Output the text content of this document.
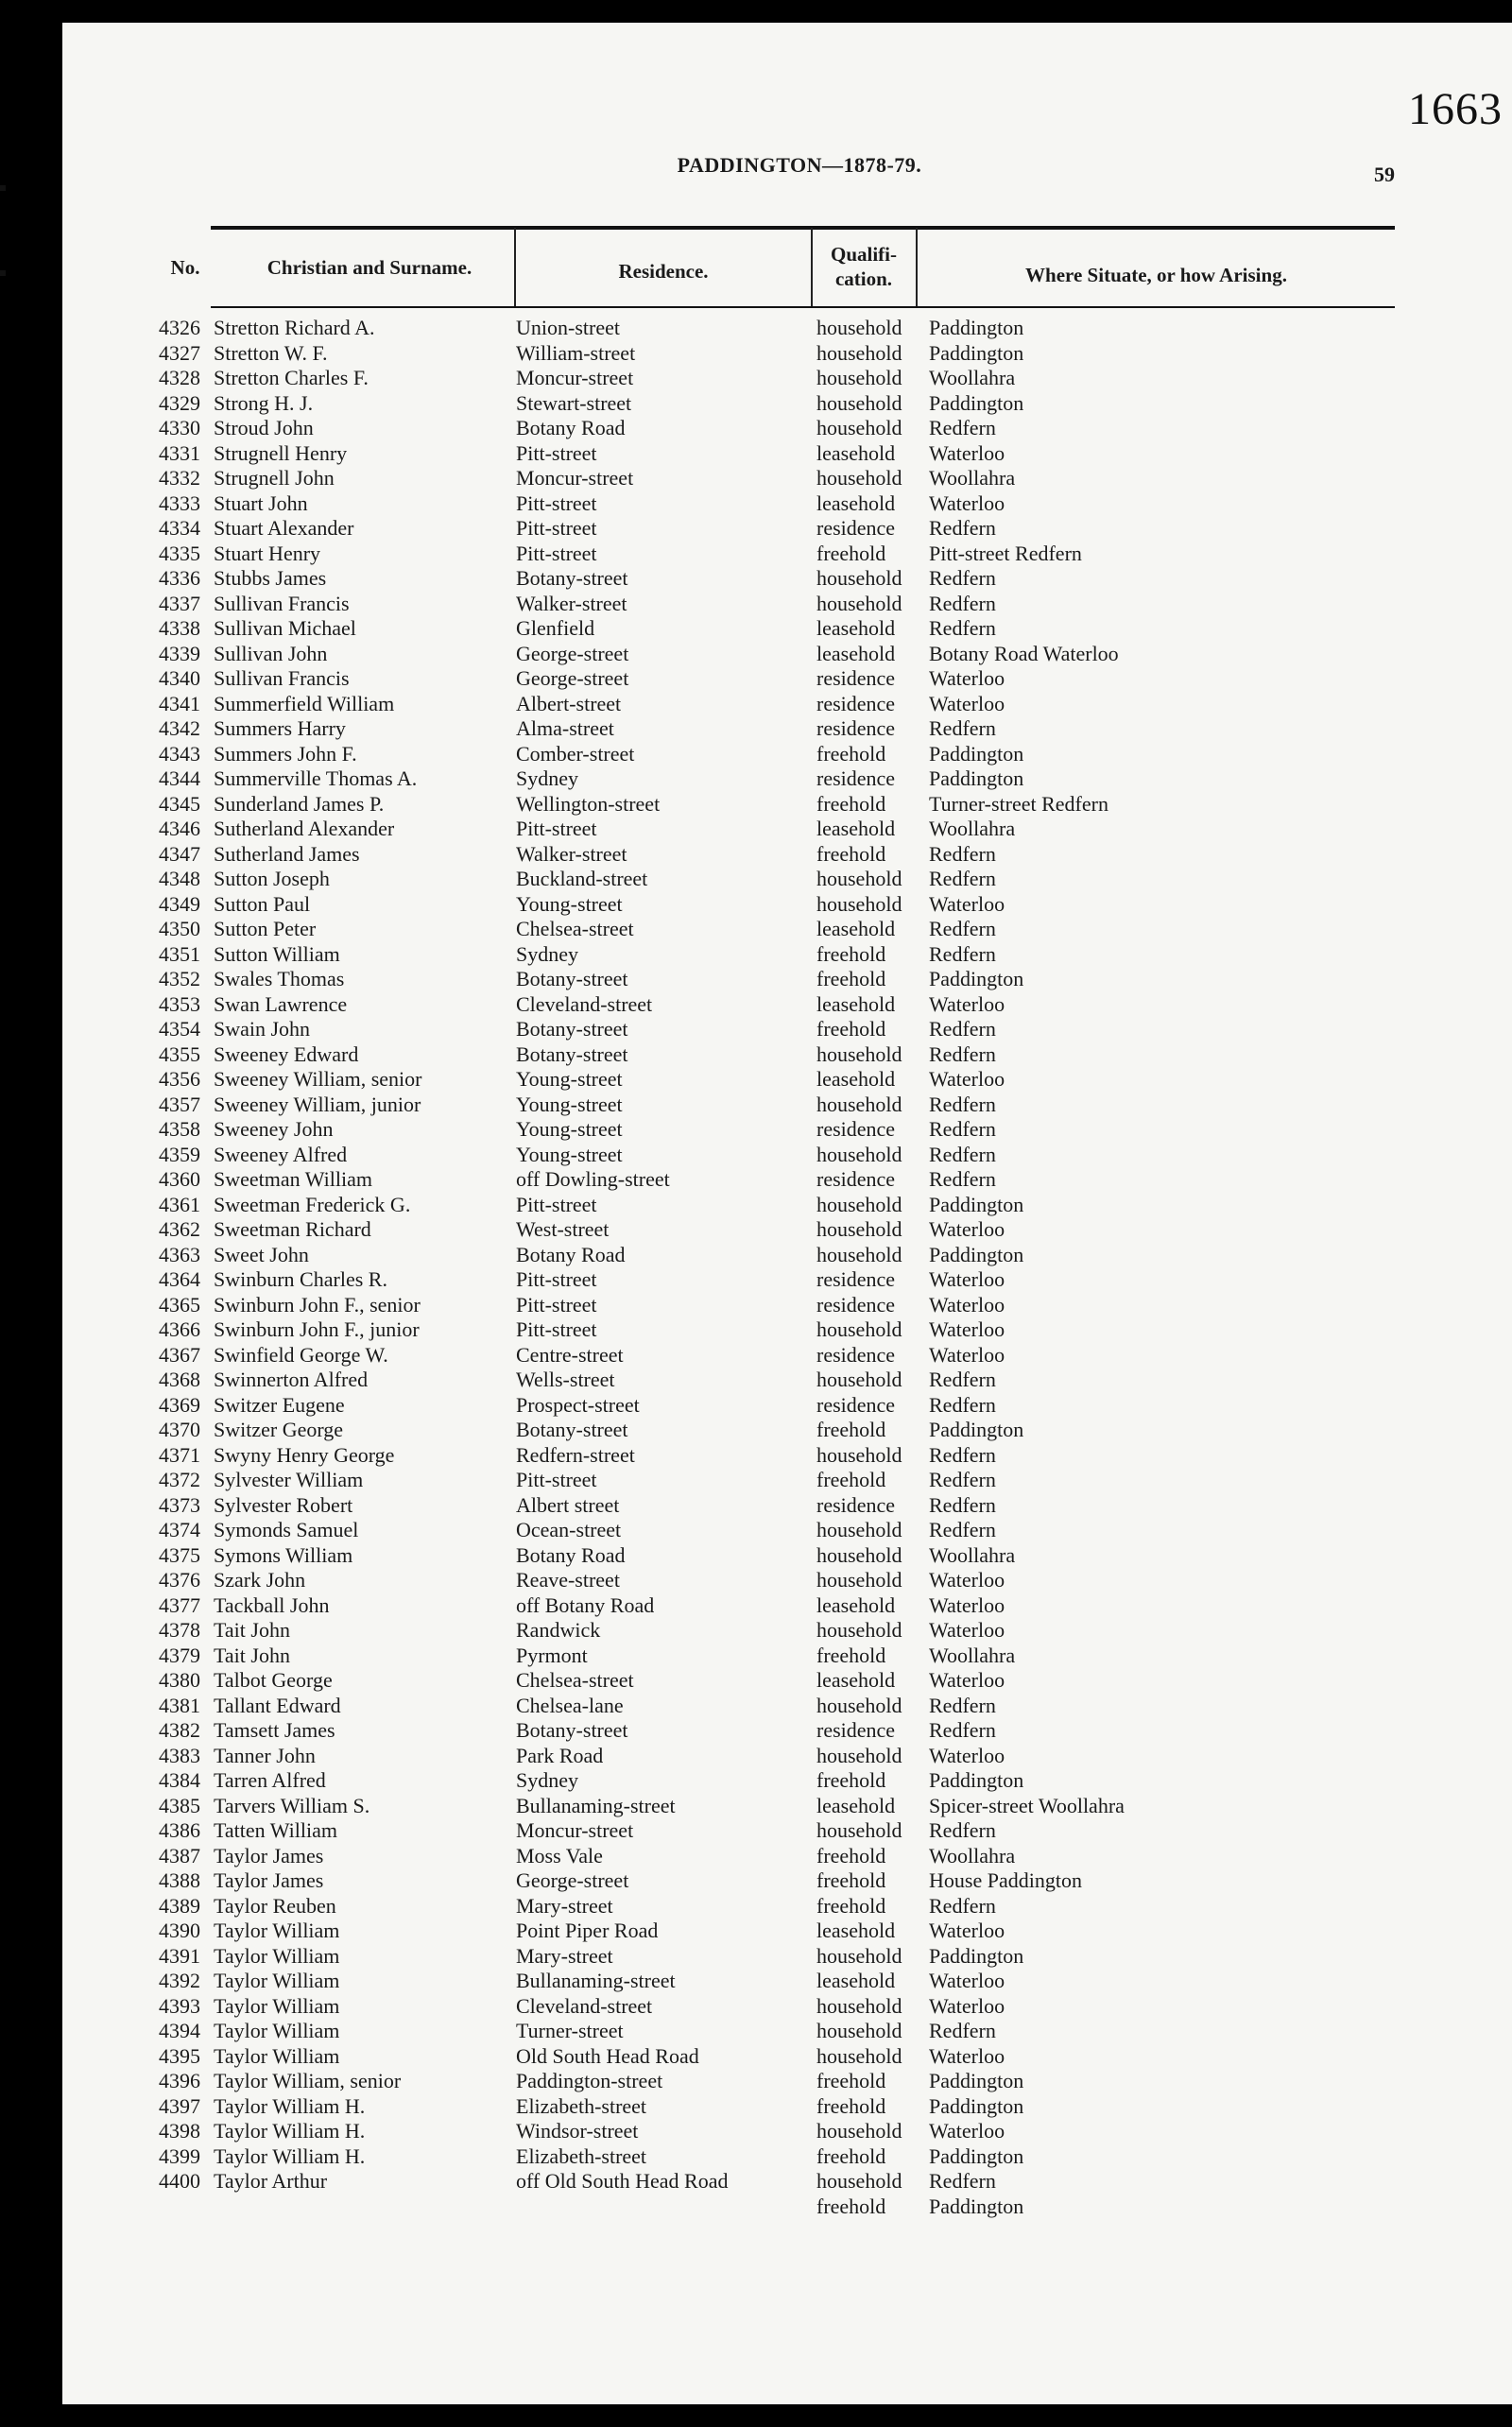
1663
PADDINGTON—1878-79.	59
No.	Christian and Surname.	Residence.
Qualifi-
cation.	Where Situate, or how Arising.
4326 Stretton Richard A.	Union-street	household Paddington
4327 Stretton W. F.	William-street	household Paddington
4328 Stretton Charles F.	Moncur-street	household Woollahra
4329 Strong H. J.	Stewart-street	household Paddington
4330 Stroud John	Botany Road	household Redfern
4331 Strugnell Henry	Pitt-street	leasehold Waterloo
4332 Strugnell John	Moncur-street	household Woollahra
4333 Stuart John	Pitt-street	leasehold Waterloo
4334 Stuart Alexander	Pitt-street	residence Redfern
4335 Stuart Henry	Pitt-street	freehold Pitt-street Redfern
4336 Stubbs James	Botany-street	household Redfern
4337 Sullivan Francis	Walker-street	household Redfern
4338 Sullivan Michael	Glenfield	leasehold Redfern
4339 Sullivan John	George-street	leasehold Botany Road Waterloo
4340 Sullivan Francis	George-street	residence Waterloo
4341 Summerfield William	Albert-street	residence Waterloo
4342 Summers Harry	Alma-street	residence Redfern
4343 Summers John F.	Comber-street	freehold Paddington
4344 Summerville Thomas A.	Sydney	residence Paddington
4345 Sunderland James P.	Wellington-street	freehold Turner-street Redfern
4346 Sutherland Alexander	Pitt-street	leasehold Woollahra
4347 Sutherland James	Walker-street	freehold Redfern
4348 Sutton Joseph	Buckland-street	household Redfern
4349 Sutton Paul	Young-street	household Waterloo
4350 Sutton Peter	Chelsea-street	leasehold Redfern
4351 Sutton William	Sydney	freehold Redfern
4352 Swales Thomas	Botany-street	freehold Paddington
4353 Swan Lawrence	Cleveland-street	leasehold Waterloo
4354 Swain John	Botany-street	freehold Redfern
4355 Sweeney Edward	Botany-street	household Redfern
4356 Sweeney William, senior	Young-street	leasehold Waterloo
4357 Sweeney William, junior	Young-street	household Redfern
4358 Sweeney John	Young-street	residence Redfern
4359 Sweeney Alfred	Young-street	household Redfern
4360 Sweetman William	off Dowling-street	residence Redfern
4361 Sweetman Frederick G.	Pitt-street	household Paddington
4362 Sweetman Richard	West-street	household Waterloo
4363 Sweet John	Botany Road	household Paddington
4364 Swinburn Charles R.	Pitt-street	residence Waterloo
4365 Swinburn John F., senior	Pitt-street	residence Waterloo
4366 Swinburn John F., junior	Pitt-street	household Waterloo
4367 Swinfield George W.	Centre-street	residence Waterloo
4368 Swinnerton Alfred	Wells-street	household Redfern
4369 Switzer Eugene	Prospect-street	residence Redfern
4370 Switzer George	Botany-street	freehold Paddington
4371 Swyny Henry George	Redfern-street	household Redfern
4372 Sylvester William	Pitt-street	freehold Redfern
4373 Sylvester Robert	Albert street	residence Redfern
4374 Symonds Samuel	Ocean-street	household Redfern
4375 Symons William	Botany Road	household Woollahra
4376 Szark John	Reave-street	household Waterloo
4377 Tackball John	off Botany Road	leasehold Waterloo
4378 Tait John	Randwick	household Waterloo
4379 Tait John	Pyrmont	freehold Woollahra
4380 Talbot George	Chelsea-street	leasehold Waterloo
4381 Tallant Edward	Chelsea-lane	household Redfern
4382 Tamsett James	Botany-street	residence Redfern
4383 Tanner John	Park Road	household Waterloo
4384 Tarren Alfred	Sydney	freehold Paddington
4385 Tarvers William S.	Bullanaming-street	leasehold Spicer-street Woollahra
4386 Tatten William	Moncur-street	household Redfern
4387 Taylor James	Moss Vale	freehold Woollahra
4388 Taylor James	George-street	freehold House Paddington
4389 Taylor Reuben	Mary-street	freehold Redfern
4390 Taylor William	Point Piper Road	leasehold Waterloo
4391 Taylor William	Mary-street	household Paddington
4392 Taylor William	Bullanaming-street	leasehold Waterloo
4393 Taylor William	Cleveland-street	household Waterloo
4394 Taylor William	Turner-street	household Redfern
4395 Taylor William	Old South Head Road	household Waterloo
4396 Taylor William, senior	Paddington-street	freehold Paddington
4397 Taylor William H.	Elizabeth-street	freehold Paddington
4398 Taylor William H.	Windsor-street	household Waterloo
4399 Taylor William H.	Elizabeth-street	freehold Paddington
4400 Taylor Arthur	off Old South Head Road	household Redfern
freehold Paddington
